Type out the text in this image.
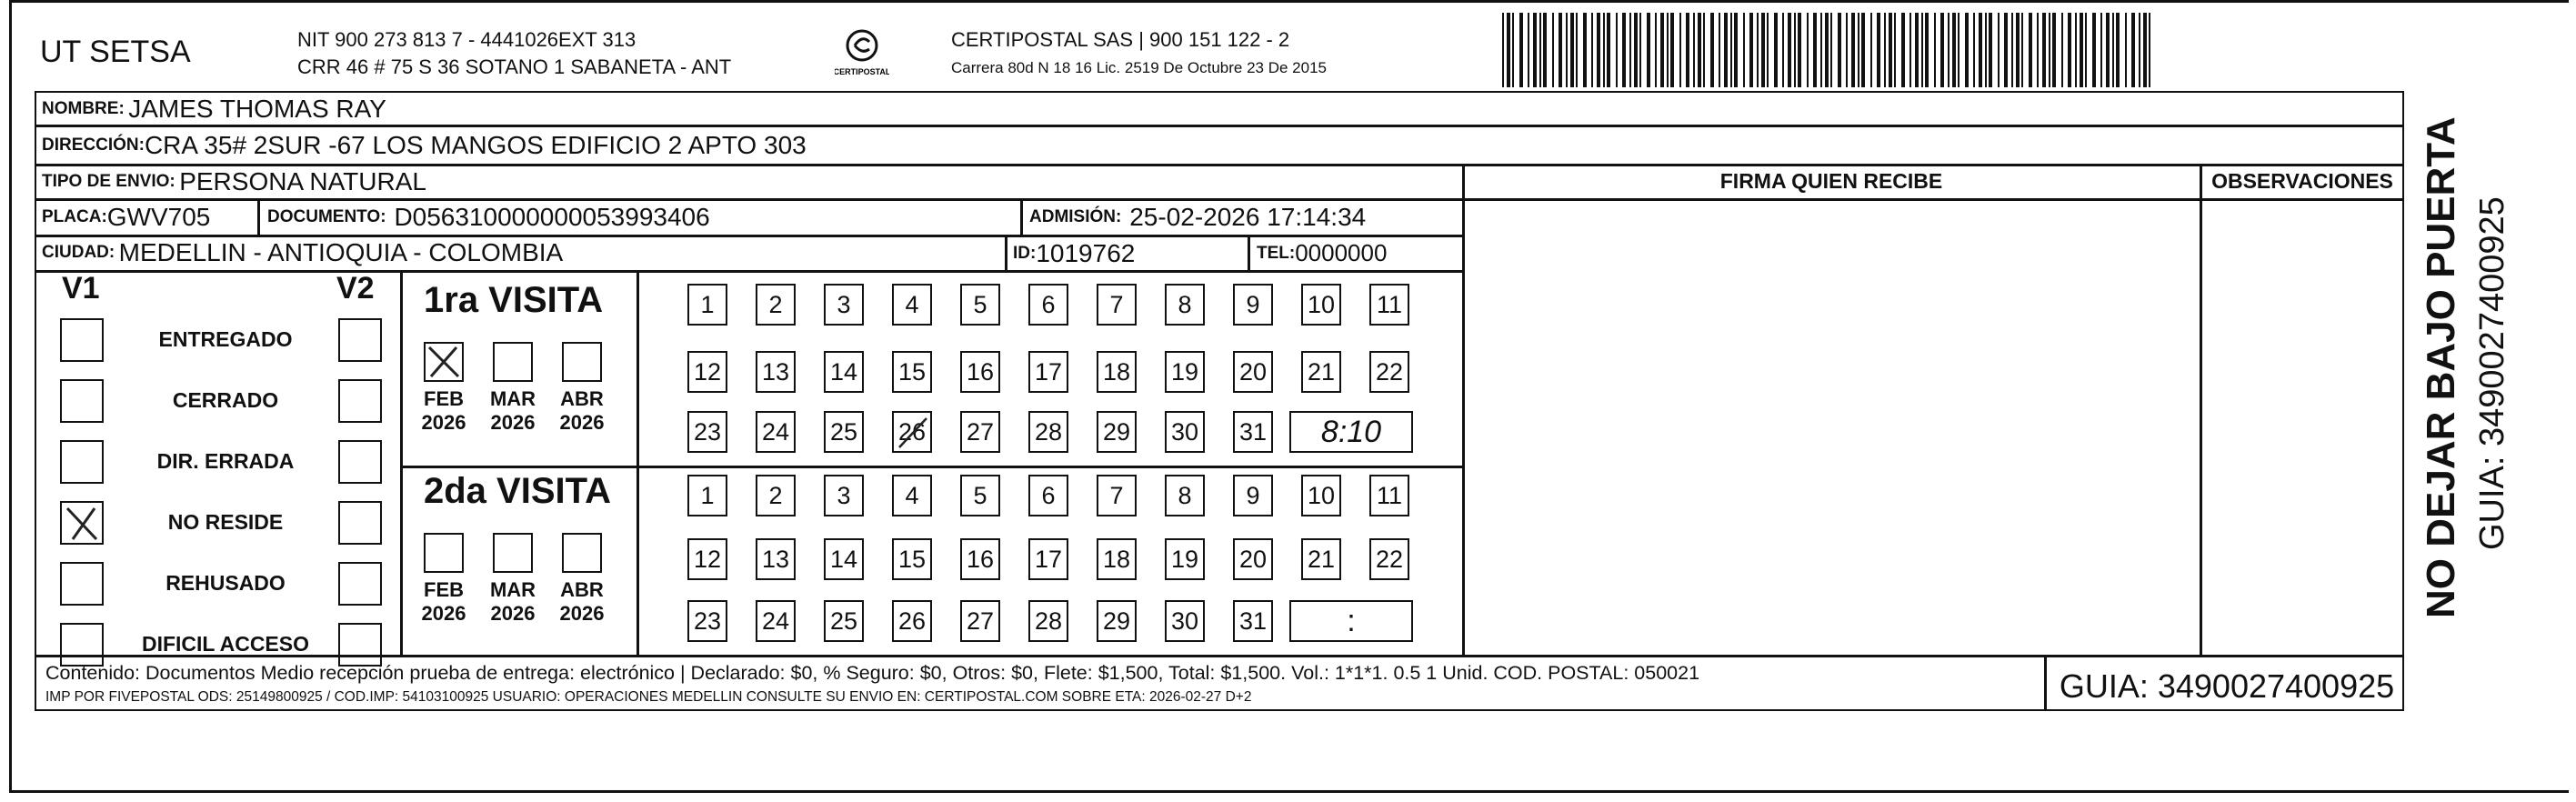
UT SETSA	NIT 900 273 813 7 - 4441026EXT 313
CRR 46 # 75 S 36 SOTANO 1 SABANETA - ANT	CERTIPOSTAL
CERTIPOSTAL SAS | 900 151 122 - 2
Carrera 80d N 18 16 Lic. 2519 De Octubre 23 De 2015
NO DEJAR BAJO PUERTA GUIA: 3490027400925
FIRMA QUIEN RECIBE	OBSERVACIONES
NOMBRE:
JAMES THOMAS RAY
DIRECCIÓN: CRA 35# 2SUR -67 LOS MANGOS EDIFICIO 2 APTO 303
TIPO DE ENVIO:
PERSONA NATURAL
PLACA: GWV705	DOCUMENTO:
D056310000000053993406	ADMISIÓN:
25-02-2026 17:14:34
CIUDAD:
MEDELLIN - ANTIOQUIA - COLOMBIA	ID: 1019762	TEL: 0000000
V1	V2 1ra VISITA
2da VISITA
Contenido: Documentos Medio recepción prueba de entrega: electrónico | Declarado: $0, % Seguro: $0, Otros: $0, Flete: $1,500, Total: $1,500. Vol.: 1*1*1. 0.5 1 Unid. COD. POSTAL: 050021
IMP POR FIVEPOSTAL ODS: 25149800925 / COD.IMP: 54103100925 USUARIO: OPERACIONES MEDELLIN CONSULTE SU ENVIO EN: CERTIPOSTAL.COM SOBRE ETA: 2026-02-27 D+2	GUIA: 3490027400925
ENTREGADO
CERRADO
DIR. ERRADA
NO RESIDE
REHUSADO
DIFICIL ACCESO
FEB
2026
MAR
2026
ABR
2026
FEB
2026
MAR
2026
ABR
2026
1	2	3	4	5	6	7	8	9	10 11
12 13 14 15 16 17 18 19 20 21 22
23 24 25 26 27 28 29 30 31	8:10
1	2	3	4	5	6	7	8	9	10 11
12 13 14 15 16 17 18 19 20 21 22
23 24 25 26 27 28 29 30 31	:
